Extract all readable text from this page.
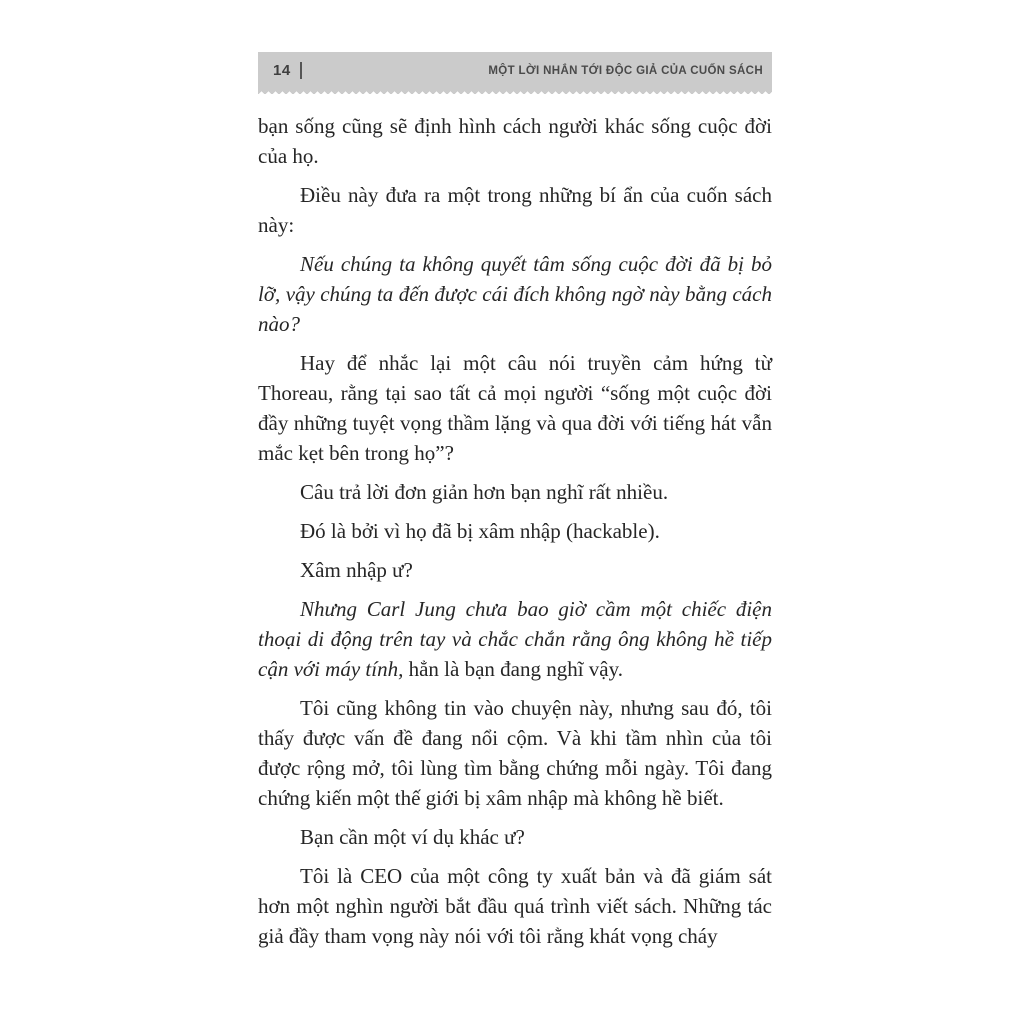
14	MỘT LỜI NHẮN TỚI ĐỘC GIẢ CỦA CUỐN SÁCH

bạn sống cũng sẽ định hình cách người khác sống cuộc đời của họ.

Điều này đưa ra một trong những bí ẩn của cuốn sách này:

Nếu chúng ta không quyết tâm sống cuộc đời đã bị bỏ lỡ, vậy chúng ta đến được cái đích không ngờ này bằng cách nào?

Hay để nhắc lại một câu nói truyền cảm hứng từ Thoreau, rằng tại sao tất cả mọi người “sống một cuộc đời đầy những tuyệt vọng thầm lặng và qua đời với tiếng hát vẫn mắc kẹt bên trong họ”?

Câu trả lời đơn giản hơn bạn nghĩ rất nhiều.

Đó là bởi vì họ đã bị xâm nhập (hackable).

Xâm nhập ư?

Nhưng Carl Jung chưa bao giờ cầm một chiếc điện thoại di động trên tay và chắc chắn rằng ông không hề tiếp cận với máy tính, hẳn là bạn đang nghĩ vậy.

Tôi cũng không tin vào chuyện này, nhưng sau đó, tôi thấy được vấn đề đang nổi cộm. Và khi tầm nhìn của tôi được rộng mở, tôi lùng tìm bằng chứng mỗi ngày. Tôi đang chứng kiến một thế giới bị xâm nhập mà không hề biết.

Bạn cần một ví dụ khác ư?

Tôi là CEO của một công ty xuất bản và đã giám sát hơn một nghìn người bắt đầu quá trình viết sách. Những tác giả đầy tham vọng này nói với tôi rằng khát vọng cháy
